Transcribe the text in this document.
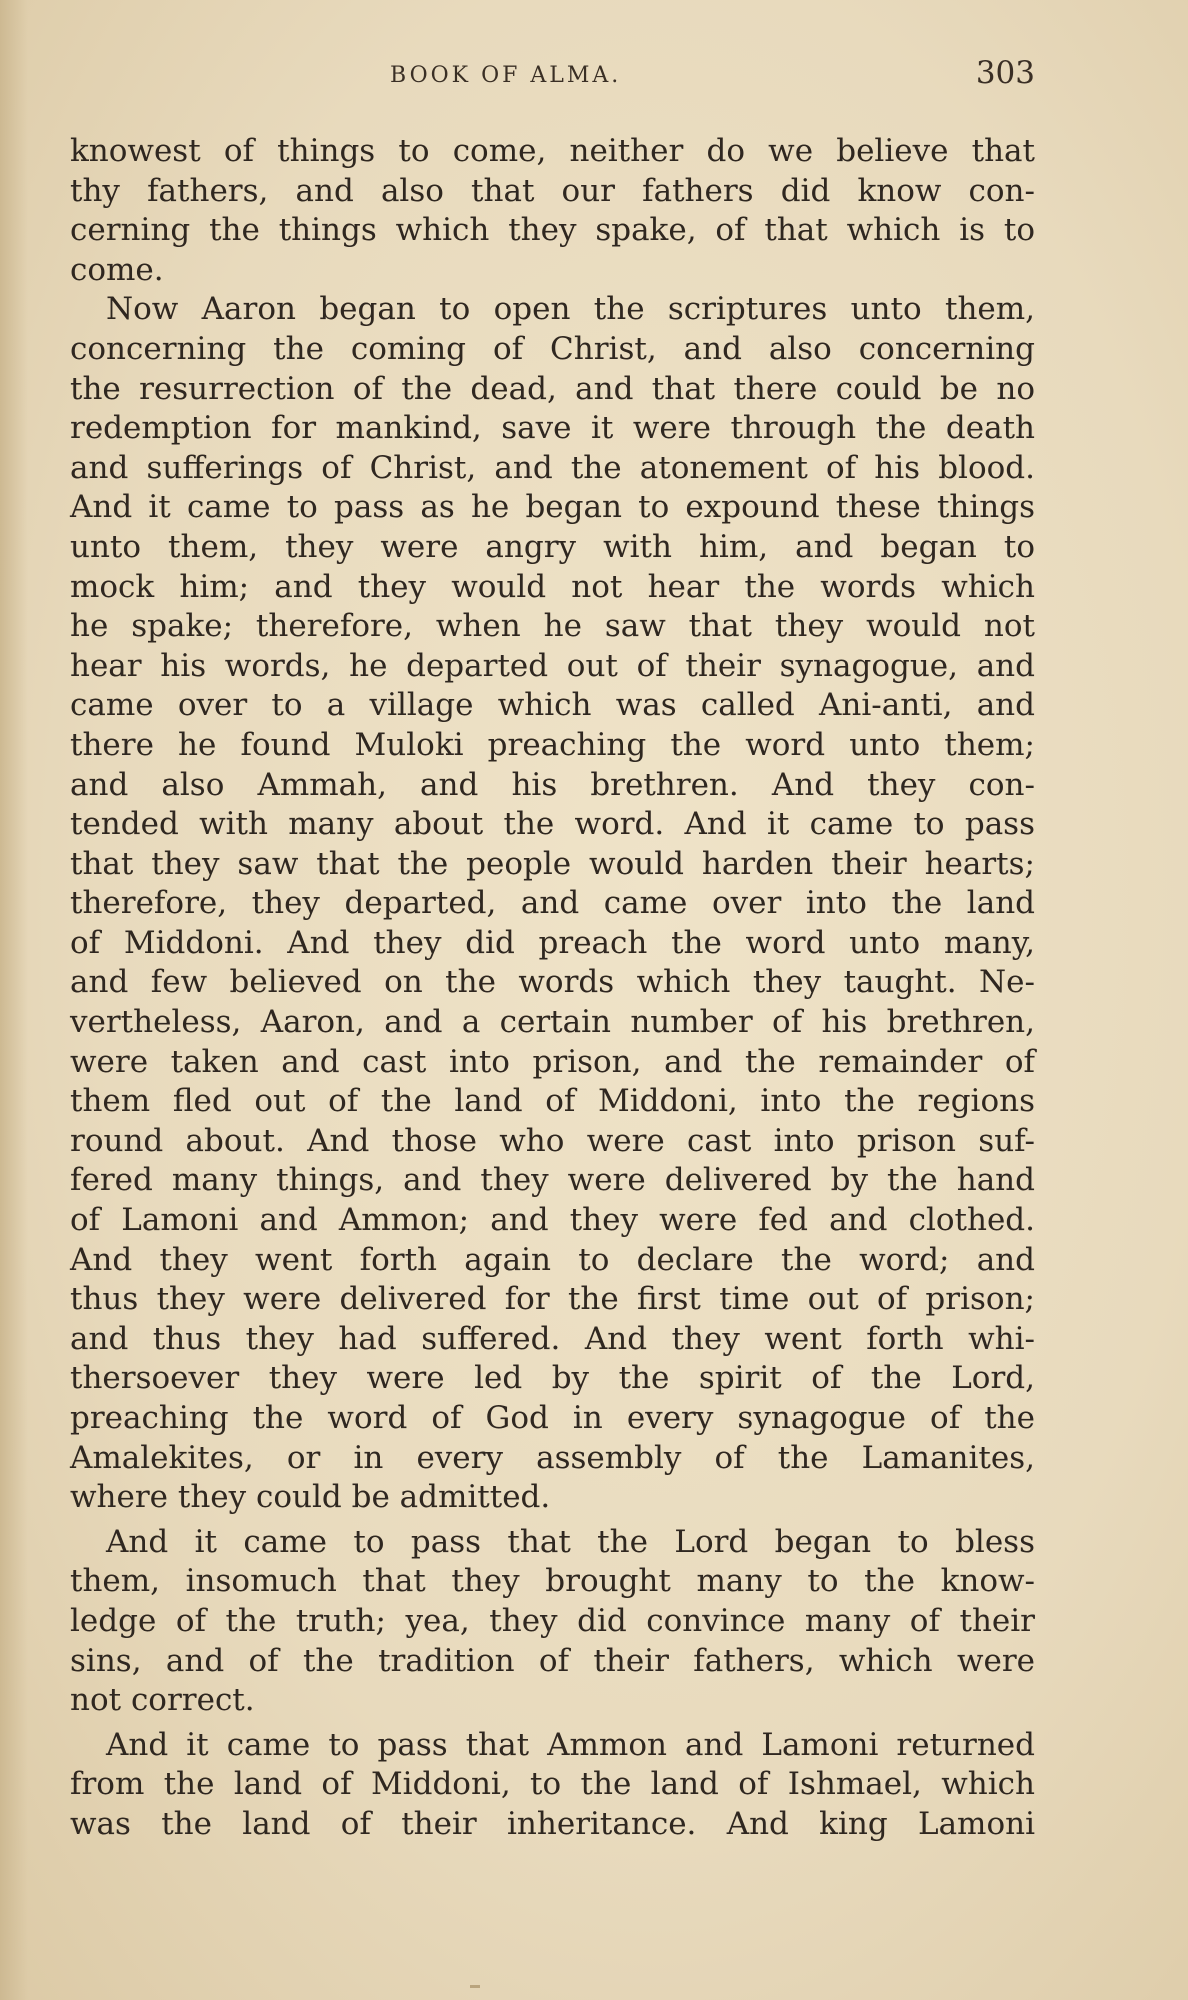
BOOK OF ALMA.	303
knowest of things to come, neither do we believe that
thy fathers, and also that our fathers did know con-
cerning the things which they spake, of that which is to
come.
Now Aaron began to open the scriptures unto them,
concerning the coming of Christ, and also concerning
the resurrection of the dead, and that there could be no
redemption for mankind, save it were through the death
and sufferings of Christ, and the atonement of his blood.
And it came to pass as he began to expound these things
unto them, they were angry with him, and began to
mock him; and they would not hear the words which
he spake; therefore, when he saw that they would not
hear his words, he departed out of their synagogue, and
came over to a village which was called Ani-anti, and
there he found Muloki preaching the word unto them;
and also Ammah, and his brethren. And they con-
tended with many about the word. And it came to pass
that they saw that the people would harden their hearts;
therefore, they departed, and came over into the land
of Middoni. And they did preach the word unto many,
and few believed on the words which they taught. Ne-
vertheless, Aaron, and a certain number of his brethren,
were taken and cast into prison, and the remainder of
them fled out of the land of Middoni, into the regions
round about. And those who were cast into prison suf-
fered many things, and they were delivered by the hand
of Lamoni and Ammon; and they were fed and clothed.
And they went forth again to declare the word; and
thus they were delivered for the first time out of prison;
and thus they had suffered. And they went forth whi-
thersoever they were led by the spirit of the Lord,
preaching the word of God in every synagogue of the
Amalekites, or in every assembly of the Lamanites,
where they could be admitted.
And it came to pass that the Lord began to bless
them, insomuch that they brought many to the know-
ledge of the truth; yea, they did convince many of their
sins, and of the tradition of their fathers, which were
not correct.
And it came to pass that Ammon and Lamoni returned
from the land of Middoni, to the land of Ishmael, which
was the land of their inheritance. And king Lamoni
